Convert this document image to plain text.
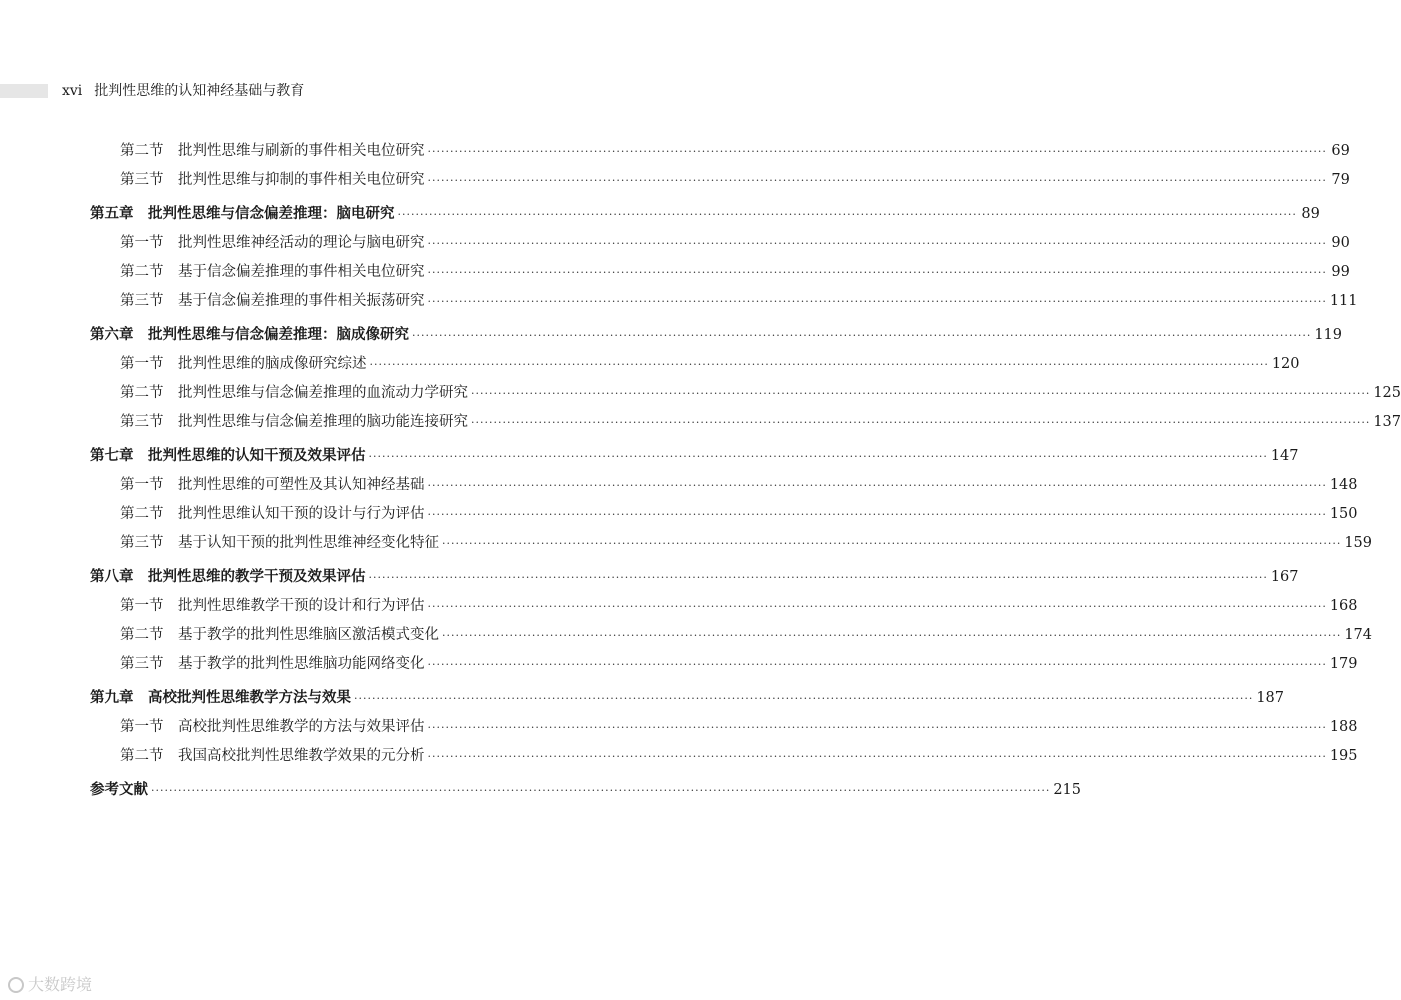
xvi 批判性思维的认知神经基础与教育
第二节	批判性思维与刷新的事件相关电位研究 ········································································································································································································ 69
第三节	批判性思维与抑制的事件相关电位研究 ········································································································································································································ 79
第五章	批判性思维与信念偏差推理：脑电研究 ········································································································································································································ 89
第一节	批判性思维神经活动的理论与脑电研究 ········································································································································································································ 90
第二节	基于信念偏差推理的事件相关电位研究 ········································································································································································································ 99
第三节	基于信念偏差推理的事件相关振荡研究 ········································································································································································································ 111
第六章	批判性思维与信念偏差推理：脑成像研究 ········································································································································································································ 119
第一节	批判性思维的脑成像研究综述 ········································································································································································································ 120
第二节	批判性思维与信念偏差推理的血流动力学研究 ········································································································································································································ 125
第三节	批判性思维与信念偏差推理的脑功能连接研究 ········································································································································································································ 137
第七章	批判性思维的认知干预及效果评估 ········································································································································································································ 147
第一节	批判性思维的可塑性及其认知神经基础 ········································································································································································································ 148
第二节	批判性思维认知干预的设计与行为评估 ········································································································································································································ 150
第三节	基于认知干预的批判性思维神经变化特征 ········································································································································································································ 159
第八章	批判性思维的教学干预及效果评估 ········································································································································································································ 167
第一节	批判性思维教学干预的设计和行为评估 ········································································································································································································ 168
第二节	基于教学的批判性思维脑区激活模式变化 ········································································································································································································ 174
第三节	基于教学的批判性思维脑功能网络变化 ········································································································································································································ 179
第九章	高校批判性思维教学方法与效果 ········································································································································································································ 187
第一节	高校批判性思维教学的方法与效果评估 ········································································································································································································ 188
第二节	我国高校批判性思维教学效果的元分析 ········································································································································································································ 195
参考文献 ········································································································································································································ 215
大数跨境
